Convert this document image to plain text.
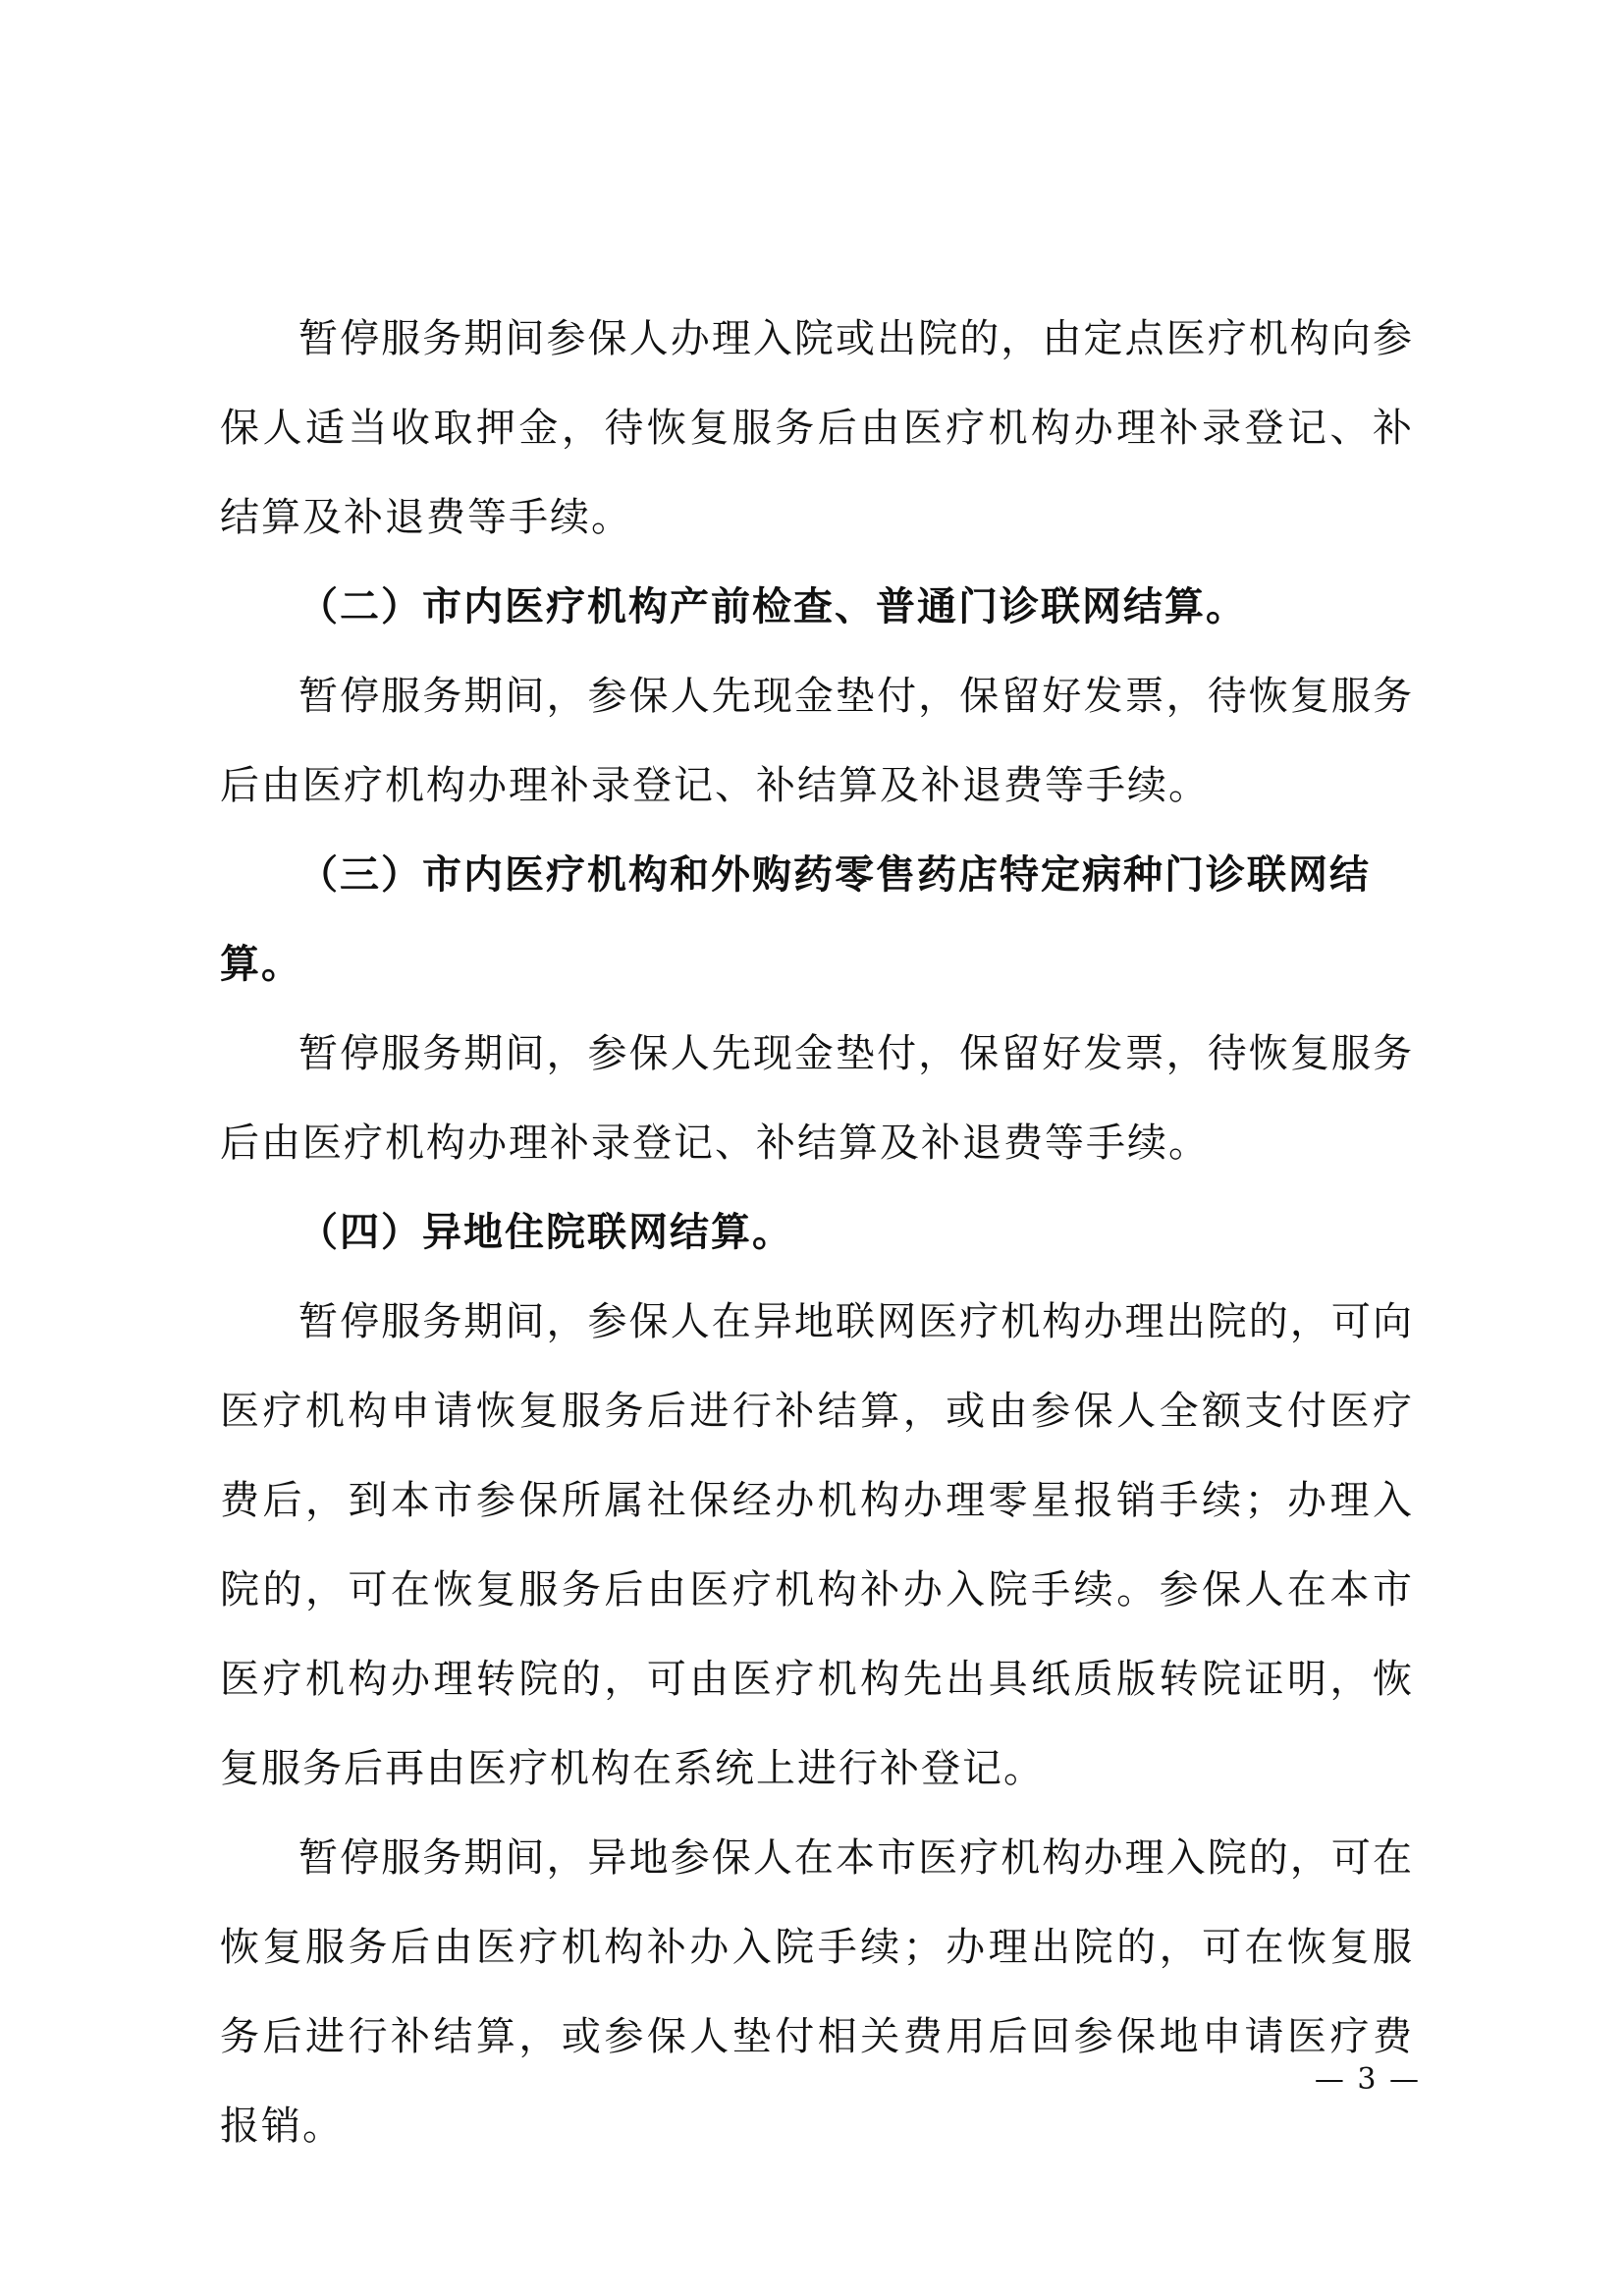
暂停服务期间参保人办理入院或出院的，由定点医疗机构向参保人适当收取押金，待恢复服务后由医疗机构办理补录登记、补结算及补退费等手续。

（二）市内医疗机构产前检查、普通门诊联网结算。

暂停服务期间，参保人先现金垫付，保留好发票，待恢复服务后由医疗机构办理补录登记、补结算及补退费等手续。

（三）市内医疗机构和外购药零售药店特定病种门诊联网结算。

暂停服务期间，参保人先现金垫付，保留好发票，待恢复服务后由医疗机构办理补录登记、补结算及补退费等手续。

（四）异地住院联网结算。

暂停服务期间，参保人在异地联网医疗机构办理出院的，可向医疗机构申请恢复服务后进行补结算，或由参保人全额支付医疗费后，到本市参保所属社保经办机构办理零星报销手续；办理入院的，可在恢复服务后由医疗机构补办入院手续。参保人在本市医疗机构办理转院的，可由医疗机构先出具纸质版转院证明，恢复服务后再由医疗机构在系统上进行补登记。

暂停服务期间，异地参保人在本市医疗机构办理入院的，可在恢复服务后由医疗机构补办入院手续；办理出院的，可在恢复服务后进行补结算，或参保人垫付相关费用后回参保地申请医疗费报销。

— 3 —
